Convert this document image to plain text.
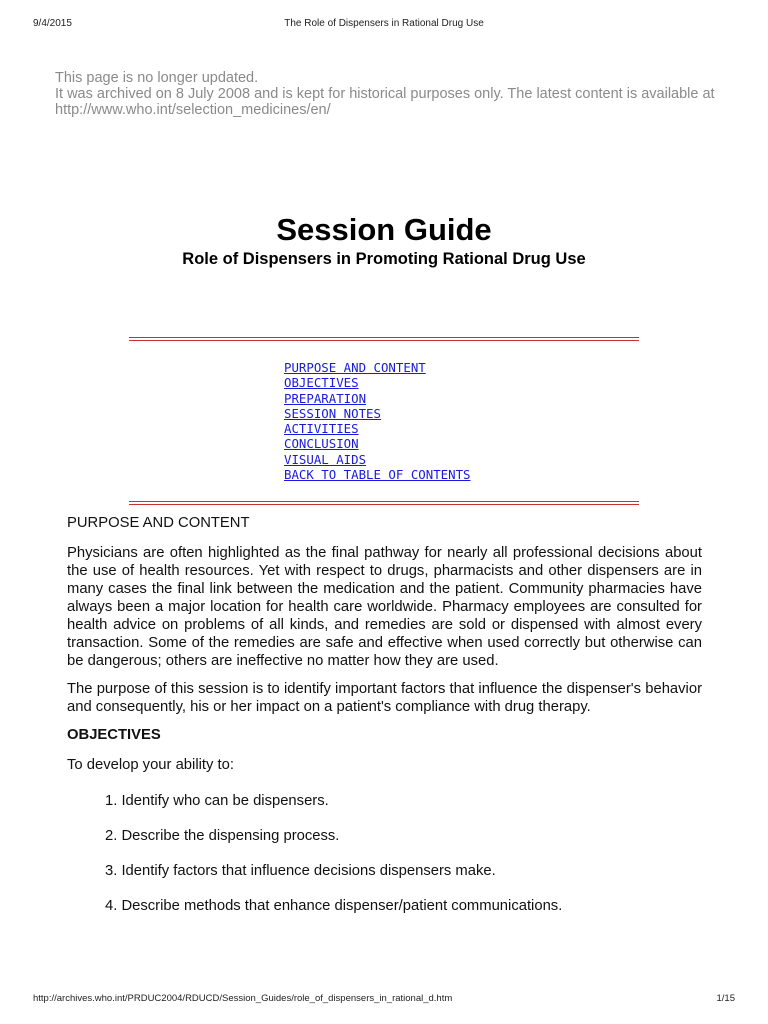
9/4/2015	The Role of Dispensers in Rational Drug Use
This page is no longer updated.
It was archived on 8 July 2008 and is kept for historical purposes only. The latest content is available at
http://www.who.int/selection_medicines/en/
Session Guide
Role of Dispensers in Promoting Rational Drug Use
PURPOSE AND CONTENT
OBJECTIVES
PREPARATION
SESSION NOTES
ACTIVITIES
CONCLUSION
VISUAL AIDS
BACK TO TABLE OF CONTENTS
PURPOSE AND CONTENT

Physicians are often highlighted as the final pathway for nearly all professional decisions about the use of health resources. Yet with respect to drugs, pharmacists and other dispensers are in many cases the final link between the medication and the patient. Community pharmacies have always been a major location for health care worldwide. Pharmacy employees are consulted for health advice on problems of all kinds, and remedies are sold or dispensed with almost every transaction. Some of the remedies are safe and effective when used correctly but otherwise can be dangerous; others are ineffective no matter how they are used.

The purpose of this session is to identify important factors that influence the dispenser's behavior and consequently, his or her impact on a patient's compliance with drug therapy.

OBJECTIVES

To develop your ability to:

1. Identify who can be dispensers.
2. Describe the dispensing process.
3. Identify factors that influence decisions dispensers make.
4. Describe methods that enhance dispenser/patient communications.
http://archives.who.int/PRDUC2004/RDUCD/Session_Guides/role_of_dispensers_in_rational_d.htm	1/15
